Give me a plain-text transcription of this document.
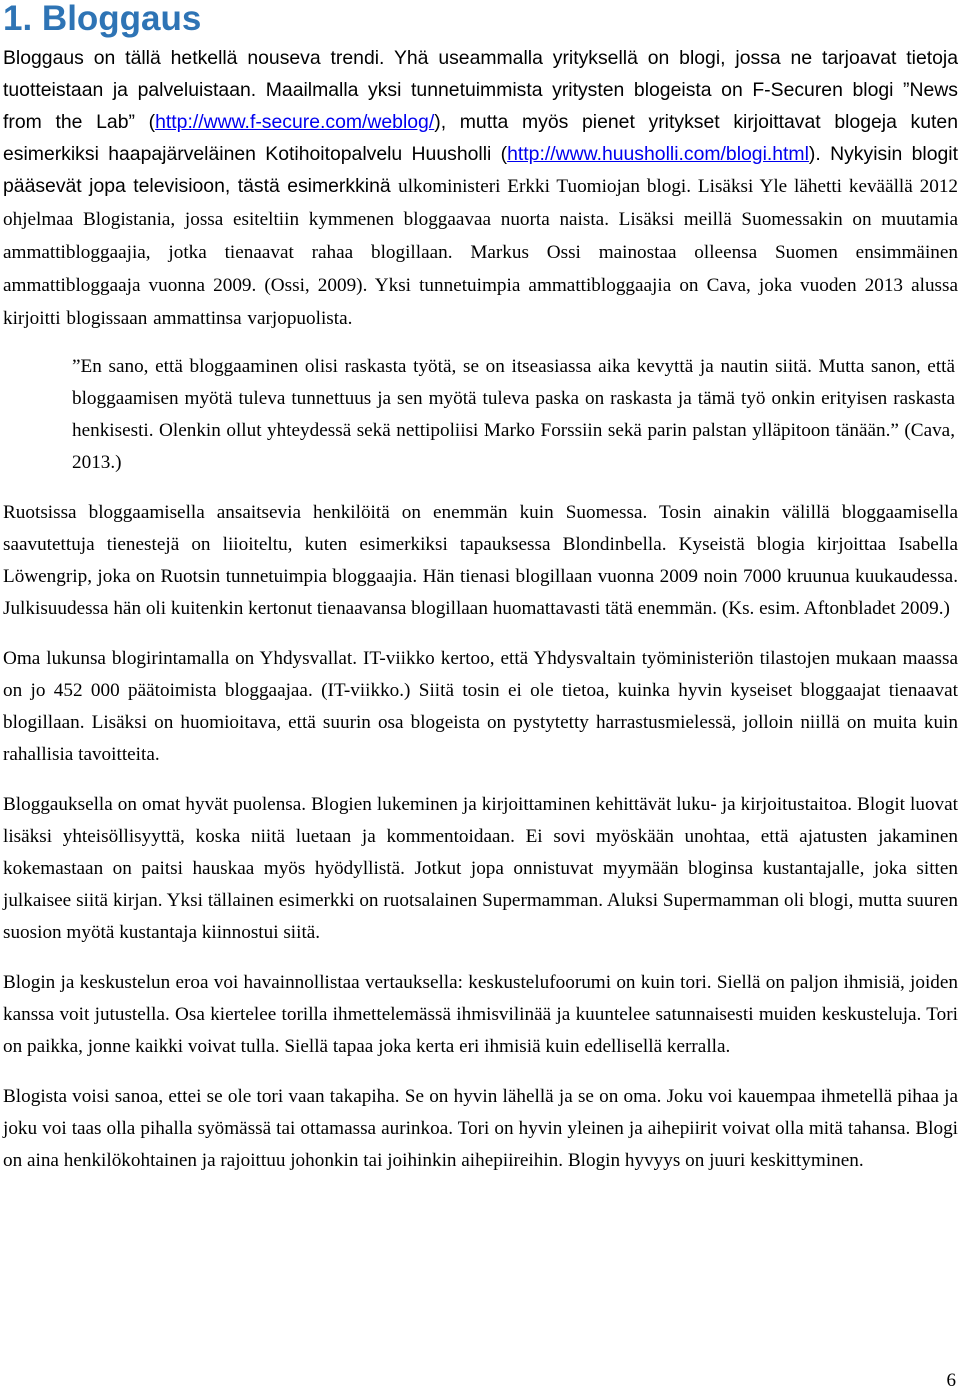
1. Bloggaus

Bloggaus on tällä hetkellä nouseva trendi. Yhä useammalla yrityksellä on blogi, jossa ne tarjoavat tietoja tuotteistaan ja palveluistaan. Maailmalla yksi tunnetuimmista yritysten blogeista on F-Securen blogi ”News from the Lab” (http://www.f-secure.com/weblog/), mutta myös pienet yritykset kirjoittavat blogeja kuten esimerkiksi haapajärveläinen Kotihoitopalvelu Huusholli (http://www.huusholli.com/blogi.html). Nykyisin blogit pääsevät jopa televisioon, tästä esimerkkinä ulkoministeri Erkki Tuomiojan blogi. Lisäksi Yle lähetti keväällä 2012 ohjelmaa Blogistania, jossa esiteltiin kymmenen bloggaavaa nuorta naista. Lisäksi meillä Suomessakin on muutamia ammattibloggaajia, jotka tienaavat rahaa blogillaan. Markus Ossi mainostaa olleensa Suomen ensimmäinen ammattibloggaaja vuonna 2009. (Ossi, 2009). Yksi tunnetuimpia ammattibloggaajia on Cava, joka vuoden 2013 alussa kirjoitti blogissaan ammattinsa varjopuolista.

”En sano, että bloggaaminen olisi raskasta työtä, se on itseasiassa aika kevyttä ja nautin siitä. Mutta sanon, että bloggaamisen myötä tuleva tunnettuus ja sen myötä tuleva paska on raskasta ja tämä työ onkin erityisen raskasta henkisesti. Olenkin ollut yhteydessä sekä nettipoliisi Marko Forssiin sekä parin palstan ylläpitoon tänään.” (Cava, 2013.)

Ruotsissa bloggaamisella ansaitsevia henkilöitä on enemmän kuin Suomessa. Tosin ainakin välillä bloggaamisella saavutettuja tienestejä on liioiteltu, kuten esimerkiksi tapauksessa Blondinbella. Kyseistä blogia kirjoittaa Isabella Löwengrip, joka on Ruotsin tunnetuimpia bloggaajia. Hän tienasi blogillaan vuonna 2009 noin 7000 kruunua kuukaudessa. Julkisuudessa hän oli kuitenkin kertonut tienaavansa blogillaan huomattavasti tätä enemmän. (Ks. esim. Aftonbladet 2009.)

Oma lukunsa blogirintamalla on Yhdysvallat. IT-viikko kertoo, että Yhdysvaltain työministeriön tilastojen mukaan maassa on jo 452 000 päätoimista bloggaajaa. (IT-viikko.) Siitä tosin ei ole tietoa, kuinka hyvin kyseiset bloggaajat tienaavat blogillaan. Lisäksi on huomioitava, että suurin osa blogeista on pystytetty harrastusmielessä, jolloin niillä on muita kuin rahallisia tavoitteita.

Bloggauksella on omat hyvät puolensa. Blogien lukeminen ja kirjoittaminen kehittävät luku- ja kirjoitustaitoa. Blogit luovat lisäksi yhteisöllisyyttä, koska niitä luetaan ja kommentoidaan. Ei sovi myöskään unohtaa, että ajatusten jakaminen kokemastaan on paitsi hauskaa myös hyödyllistä. Jotkut jopa onnistuvat myymään bloginsa kustantajalle, joka sitten julkaisee siitä kirjan. Yksi tällainen esimerkki on ruotsalainen Supermamman. Aluksi Supermamman oli blogi, mutta suuren suosion myötä kustantaja kiinnostui siitä.

Blogin ja keskustelun eroa voi havainnollistaa vertauksella: keskustelufoorumi on kuin tori. Siellä on paljon ihmisiä, joiden kanssa voit jutustella. Osa kiertelee torilla ihmettelemässä ihmisvilinää ja kuuntelee satunnaisesti muiden keskusteluja. Tori on paikka, jonne kaikki voivat tulla. Siellä tapaa joka kerta eri ihmisiä kuin edellisellä kerralla.

Blogista voisi sanoa, ettei se ole tori vaan takapiha. Se on hyvin lähellä ja se on oma. Joku voi kauempaa ihmetellä pihaa ja joku voi taas olla pihalla syömässä tai ottamassa aurinkoa. Tori on hyvin yleinen ja aihepiirit voivat olla mitä tahansa. Blogi on aina henkilökohtainen ja rajoittuu johonkin tai joihinkin aihepiireihin. Blogin hyvyys on juuri keskittyminen.

6
